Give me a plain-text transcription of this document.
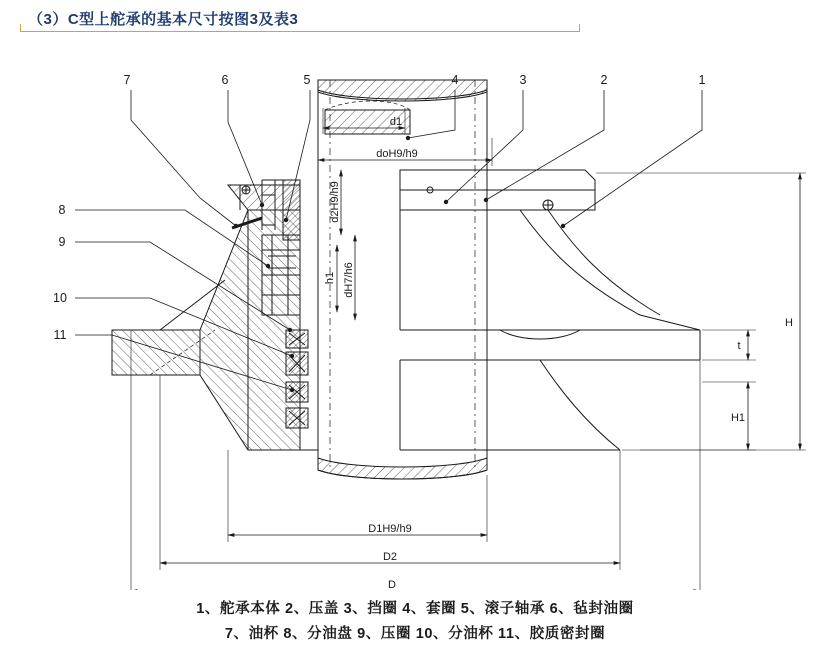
（3）C型上舵承的基本尺寸按图3及表3
7	6	5	4	3	2	1
8
9
10
11
d1
doH9/h9
d2H9/h9
h1 dH7/h6
D1H9/h9
D2
D
H
t
H1
1、舵承本体 2、压盖 3、挡圈 4、套圈 5、滚子轴承 6、毡封油圈
7、油杯 8、分油盘 9、压圈 10、分油杯 11、胶质密封圈
